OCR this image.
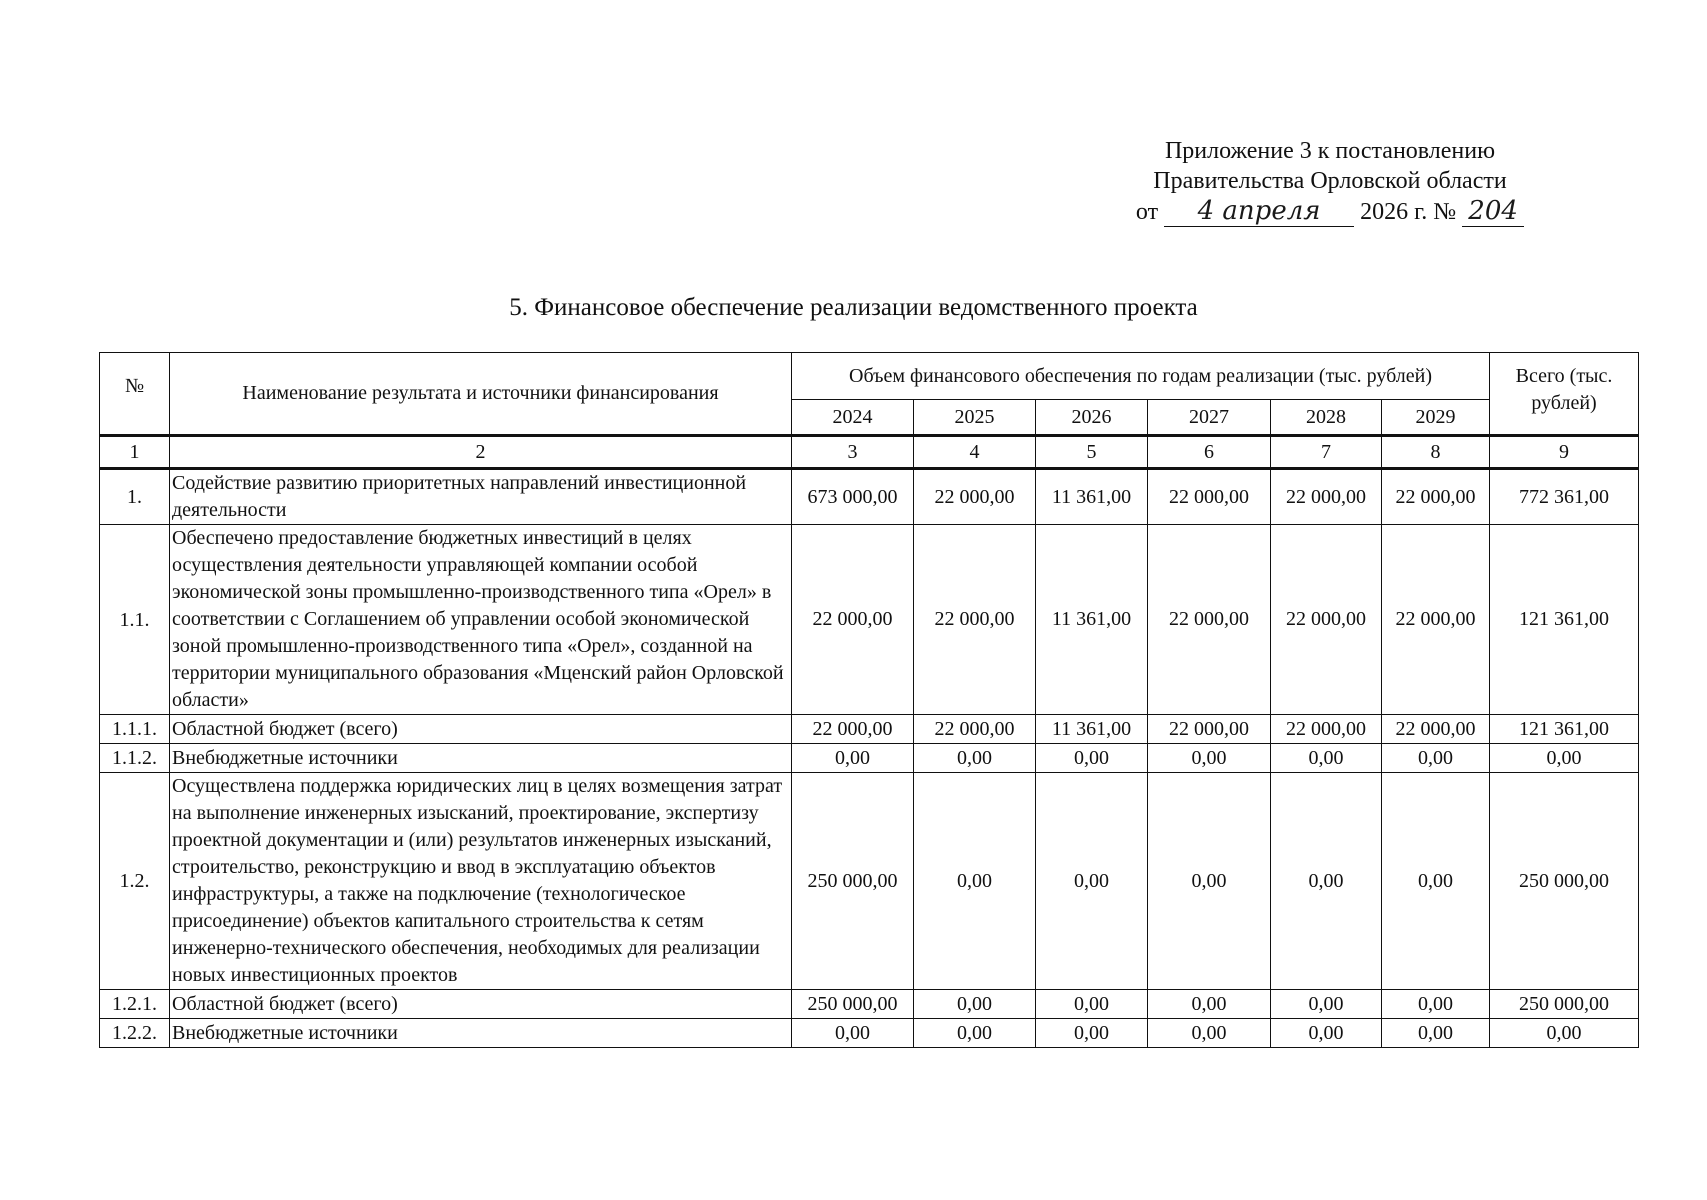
Приложение 3 к постановлению
Правительства Орловской области
от 4 апреля 2026 г. № 204
5. Финансовое обеспечение реализации ведомственного проекта
№	Наименование результата и источники финансирования	Объем финансового обеспечения по годам реализации (тыс. рублей)						Всего (тыс. рублей)
		2024	2025	2026	2027	2028	2029	
1	2	3	4	5	6	7	8	9
1.	Содействие развитию приоритетных направлений инвестиционной деятельности	673 000,00	22 000,00	11 361,00	22 000,00	22 000,00	22 000,00	772 361,00
1.1.	Обеспечено предоставление бюджетных инвестиций в целях осуществления деятельности управляющей компании особой экономической зоны промышленно-производственного типа «Орел» в соответствии с Соглашением об управлении особой экономической зоной промышленно-производственного типа «Орел», созданной на территории муниципального образования «Мценский район Орловской области»	22 000,00	22 000,00	11 361,00	22 000,00	22 000,00	22 000,00	121 361,00
1.1.1.	Областной бюджет (всего)	22 000,00	22 000,00	11 361,00	22 000,00	22 000,00	22 000,00	121 361,00
1.1.2.	Внебюджетные источники	0,00	0,00	0,00	0,00	0,00	0,00	0,00
1.2.	Осуществлена поддержка юридических лиц в целях возмещения затрат на выполнение инженерных изысканий, проектирование, экспертизу проектной документации и (или) результатов инженерных изысканий, строительство, реконструкцию и ввод в эксплуатацию объектов инфраструктуры, а также на подключение (технологическое присоединение) объектов капитального строительства к сетям инженерно-технического обеспечения, необходимых для реализации новых инвестиционных проектов	250 000,00	0,00	0,00	0,00	0,00	0,00	250 000,00
1.2.1.	Областной бюджет (всего)	250 000,00	0,00	0,00	0,00	0,00	0,00	250 000,00
1.2.2.	Внебюджетные источники	0,00	0,00	0,00	0,00	0,00	0,00	0,00
